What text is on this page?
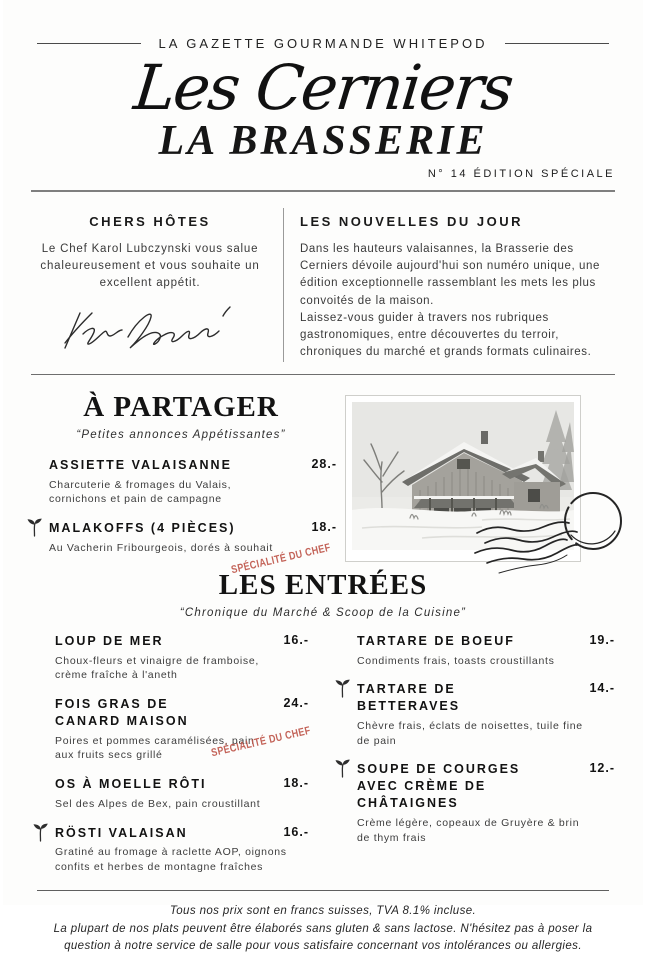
LA GAZETTE GOURMANDE WHITEPOD
Les Cerniers
LA BRASSERIE
N° 14 ÉDITION SPÉCIALE
CHERS HÔTES
Le Chef Karol Lubczynski vous salue chaleureusement et vous souhaite un excellent appétit.
LES NOUVELLES DU JOUR
Dans les hauteurs valaisannes, la Brasserie des Cerniers dévoile aujourd'hui son numéro unique, une édition exceptionnelle rassemblant les mets les plus convoités de la maison.
Laissez-vous guider à travers nos rubriques gastronomiques, entre découvertes du terroir, chroniques du marché et grands formats culinaires.
À PARTAGER
“Petites annonces Appétissantes”
ASSIETTE VALAISANNE	28.-
Charcuterie & fromages du Valais, cornichons et pain de campagne
MALAKOFFS (4 PIÈCES)	18.-
Au Vacherin Fribourgeois, dorés à souhait
SPÉCIALITÉ DU CHEF
LES ENTRÉES
“Chronique du Marché & Scoop de la Cuisine”
LOUP DE MER	16.-
Choux-fleurs et vinaigre de framboise, crème fraîche à l'aneth
FOIS GRAS DE CANARD MAISON
24.-
Poires et pommes caramélisées, pain aux fruits secs grillé	SPÉCIALITÉ DU CHEF
OS À MOELLE RÔTI	18.-
Sel des Alpes de Bex, pain croustillant
RÖSTI VALAISAN	16.-
Gratiné au fromage à raclette AOP, oignons confits et herbes de montagne fraîches
TARTARE DE BOEUF	19.-
Condiments frais, toasts croustillants
TARTARE DE BETTERAVES
14.-
Chèvre frais, éclats de noisettes, tuile fine de pain
SOUPE DE COURGES AVEC CRÈME DE CHÂTAIGNES
12.-
Crème légère, copeaux de Gruyère & brin de thym frais
Tous nos prix sont en francs suisses, TVA 8.1% incluse.
La plupart de nos plats peuvent être élaborés sans gluten & sans lactose. N'hésitez pas à poser la question à notre service de salle pour vous satisfaire concernant vos intolérances ou allergies.
